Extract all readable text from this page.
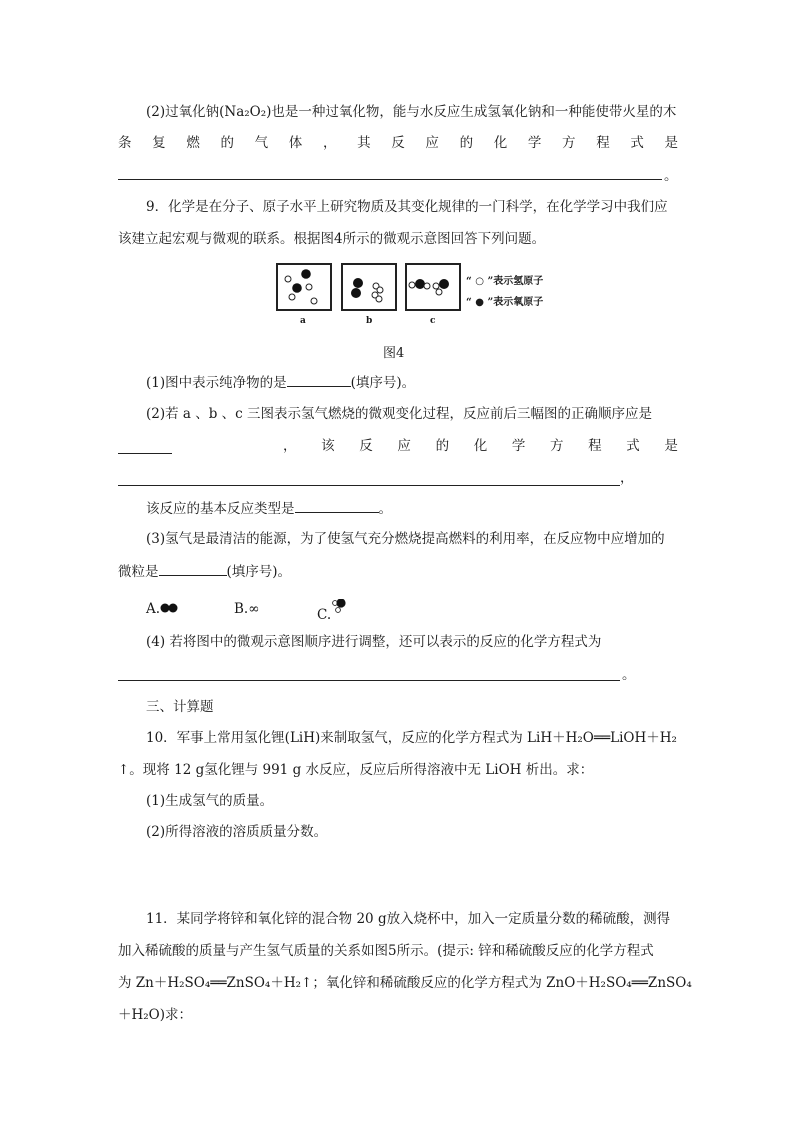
(2)过氧化钠(Na₂O₂)也是一种过氧化物，能与水反应生成氢氧化钠和一种能使带火星的木
条 复 燃 的 气 体 ， 其 反 应 的 化 学 方 程 式 是
。
9．化学是在分子、原子水平上研究物质及其变化规律的一门科学，在化学学习中我们应
该建立起宏观与微观的联系。根据图4所示的微观示意图回答下列问题。
a	b	c
“ ○ ”表示氢原子
“ ● ”表示氧原子
图4
(1)图中表示纯净物的是	(填序号)。
(2)若 a 、b 、c 三图表示氢气燃烧的微观变化过程，反应前后三幅图的正确顺序应是
， 该 反 应 的 化 学 方 程 式 是
，
该反应的基本反应类型是	。
(3)氢气是最清洁的能源，为了使氢气充分燃烧提高燃料的利用率，在反应物中应增加的
微粒是	(填序号)。
A.	B.∞	C.
(4) 若将图中的微观示意图顺序进行调整，还可以表示的反应的化学方程式为
。
三、计算题
10．军事上常用氢化锂(LiH)来制取氢气，反应的化学方程式为 LiH＋H₂O══LiOH＋H₂
↑。现将 12 g氢化锂与 991 g 水反应，反应后所得溶液中无 LiOH 析出。求：
(1)生成氢气的质量。
(2)所得溶液的溶质质量分数。
11．某同学将锌和氧化锌的混合物 20 g放入烧杯中，加入一定质量分数的稀硫酸，测得
加入稀硫酸的质量与产生氢气质量的关系如图5所示。(提示: 锌和稀硫酸反应的化学方程式
为 Zn＋H₂SO₄══ZnSO₄＋H₂↑；氧化锌和稀硫酸反应的化学方程式为 ZnO＋H₂SO₄══ZnSO₄
＋H₂O)求：
